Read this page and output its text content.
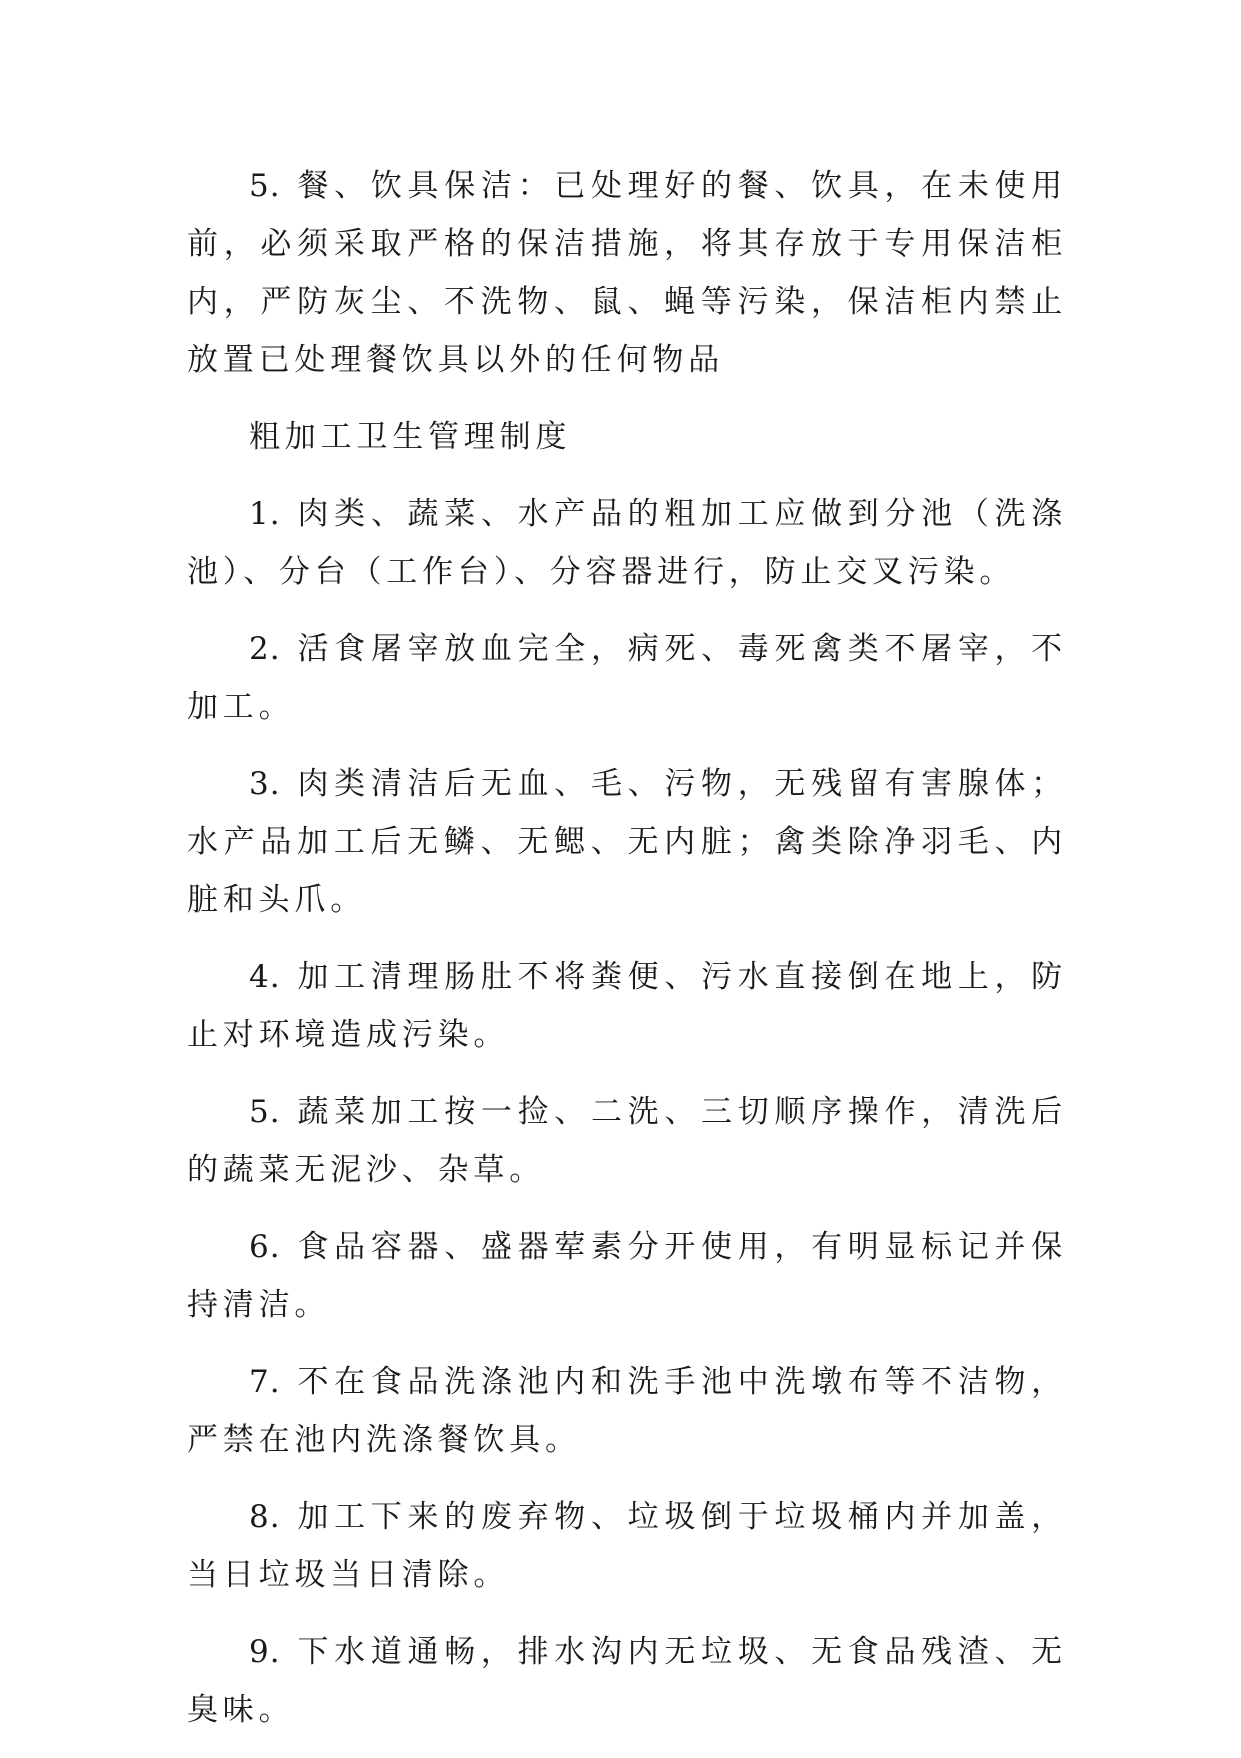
5. 餐、饮具保洁：已处理好的餐、饮具，在未使用前，必须采取严格的保洁措施，将其存放于专用保洁柜内，严防灰尘、不洗物、鼠、蝇等污染，保洁柜内禁止放置已处理餐饮具以外的任何物品

粗加工卫生管理制度

1. 肉类、蔬菜、水产品的粗加工应做到分池（洗涤池）、分台（工作台）、分容器进行，防止交叉污染。

2. 活食屠宰放血完全，病死、毒死禽类不屠宰，不加工。

3. 肉类清洁后无血、毛、污物，无残留有害腺体；水产品加工后无鳞、无鳃、无内脏；禽类除净羽毛、内脏和头爪。

4. 加工清理肠肚不将粪便、污水直接倒在地上，防止对环境造成污染。

5. 蔬菜加工按一捡、二洗、三切顺序操作，清洗后的蔬菜无泥沙、杂草。

6. 食品容器、盛器荤素分开使用，有明显标记并保持清洁。

7. 不在食品洗涤池内和洗手池中洗墩布等不洁物，严禁在池内洗涤餐饮具。

8. 加工下来的废弃物、垃圾倒于垃圾桶内并加盖，当日垃圾当日清除。

9. 下水道通畅，排水沟内无垃圾、无食品残渣、无臭味。
